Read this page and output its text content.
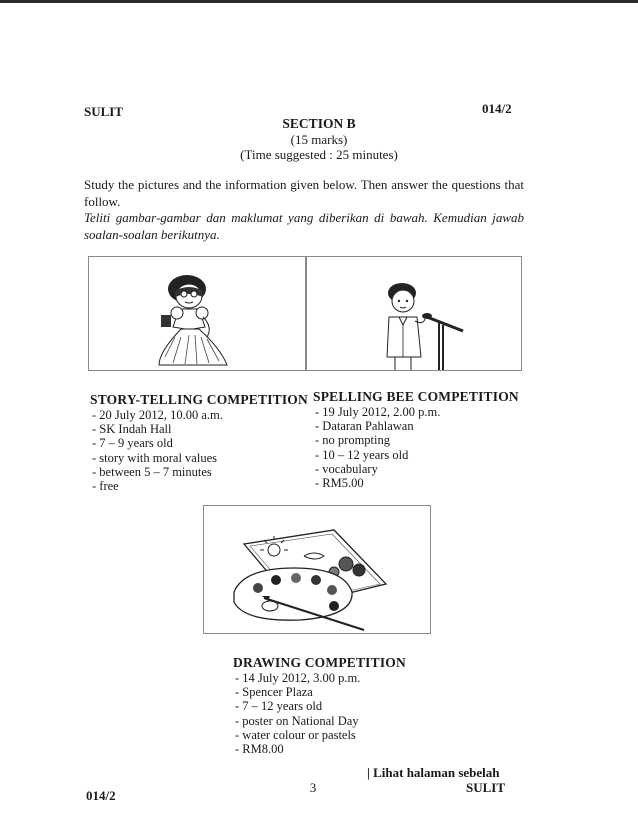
SULIT	014/2
SECTION B
(15 marks)
(Time suggested : 25 minutes)
Study the pictures and the information given below. Then answer the questions that follow.
Teliti gambar-gambar dan maklumat yang diberikan di bawah. Kemudian jawab soalan-soalan berikutnya.
STORY-TELLING COMPETITION
- 20 July 2012, 10.00 a.m.
- SK Indah Hall
- 7 – 9 years old
- story with moral values
- between 5 – 7 minutes
- free
SPELLING BEE COMPETITION
- 19 July 2012, 2.00 p.m.
- Dataran Pahlawan
- no prompting
- 10 – 12 years old
- vocabulary
- RM5.00
DRAWING COMPETITION
- 14 July 2012, 3.00 p.m.
- Spencer Plaza
- 7 – 12 years old
- poster on National Day
- water colour or pastels
- RM8.00
| Lihat halaman sebelah
014/2
3	SULIT
